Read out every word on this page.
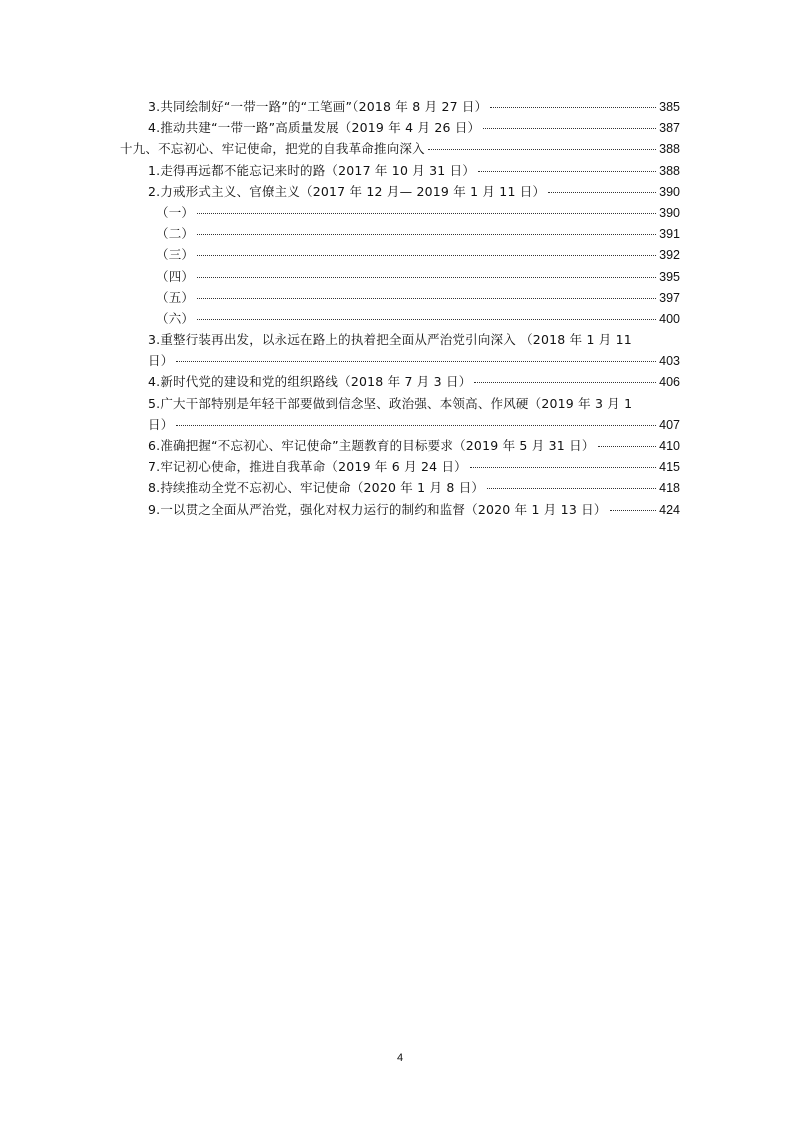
3.共同绘制好“一带一路”的“工笔画”（2018 年 8 月 27 日）	385
4.推动共建“一带一路”高质量发展（2019 年 4 月 26 日）	387
十九、不忘初心、牢记使命，把党的自我革命推向深入	388
1.走得再远都不能忘记来时的路（2017 年 10 月 31 日）	388
2.力戒形式主义、官僚主义（2017 年 12 月— 2019 年 1 月 11 日）	390
（一）	390
（二）	391
（三）	392
（四）	395
（五）	397
（六）	400
3.重整行装再出发，以永远在路上的执着把全面从严治党引向深入 （2018 年 1 月 11
日）	403
4.新时代党的建设和党的组织路线（2018 年 7 月 3 日）	406
5.广大干部特别是年轻干部要做到信念坚、政治强、本领高、作风硬（2019 年 3 月 1
日）	407
6.准确把握“不忘初心、牢记使命”主题教育的目标要求（2019 年 5 月 31 日）	410
7.牢记初心使命，推进自我革命（2019 年 6 月 24 日）	415
8.持续推动全党不忘初心、牢记使命（2020 年 1 月 8 日）	418
9.一以贯之全面从严治党，强化对权力运行的制约和监督（2020 年 1 月 13 日）	424
4
